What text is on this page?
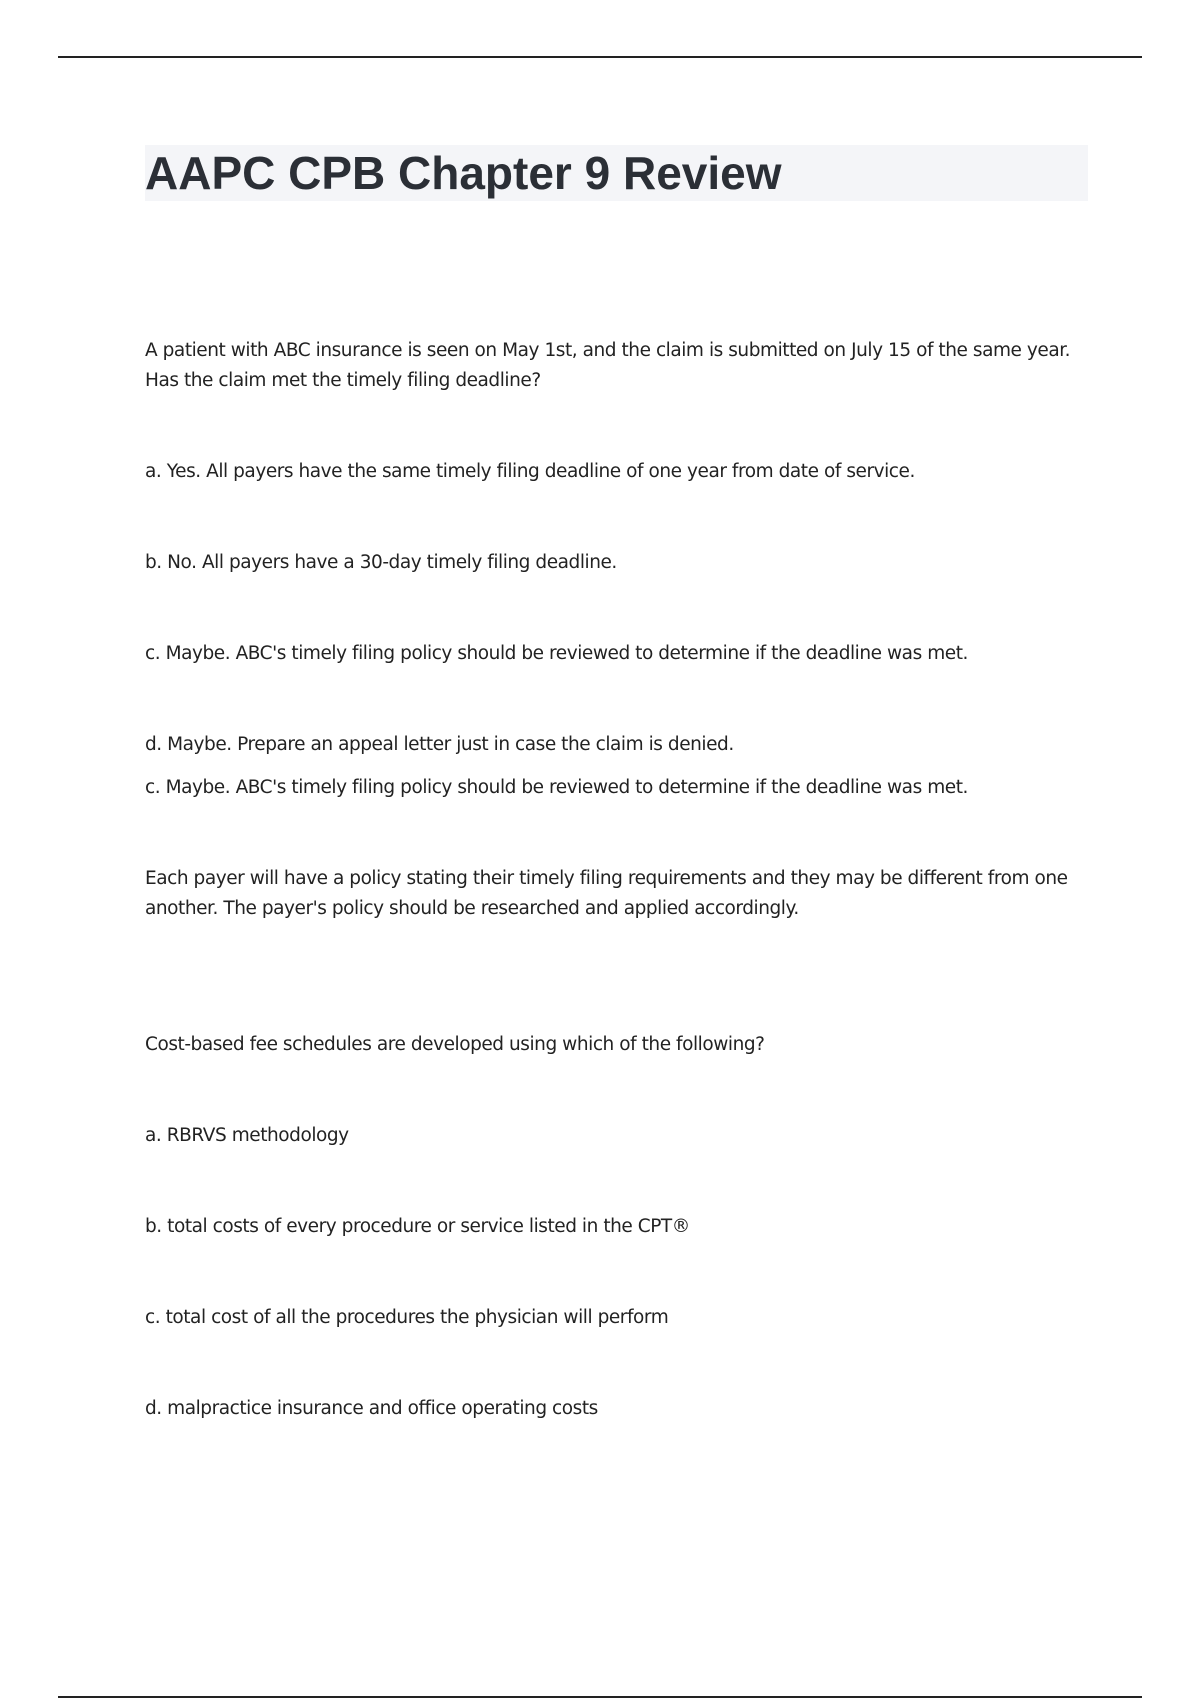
AAPC CPB Chapter 9 Review

A patient with ABC insurance is seen on May 1st, and the claim is submitted on July 15 of the same year. Has the claim met the timely filing deadline?

a. Yes. All payers have the same timely filing deadline of one year from date of service.

b. No. All payers have a 30-day timely filing deadline.

c. Maybe. ABC's timely filing policy should be reviewed to determine if the deadline was met.

d. Maybe. Prepare an appeal letter just in case the claim is denied.

c. Maybe. ABC's timely filing policy should be reviewed to determine if the deadline was met.

Each payer will have a policy stating their timely filing requirements and they may be different from one another. The payer's policy should be researched and applied accordingly.

Cost-based fee schedules are developed using which of the following?

a. RBRVS methodology

b. total costs of every procedure or service listed in the CPT®

c. total cost of all the procedures the physician will perform

d. malpractice insurance and office operating costs
